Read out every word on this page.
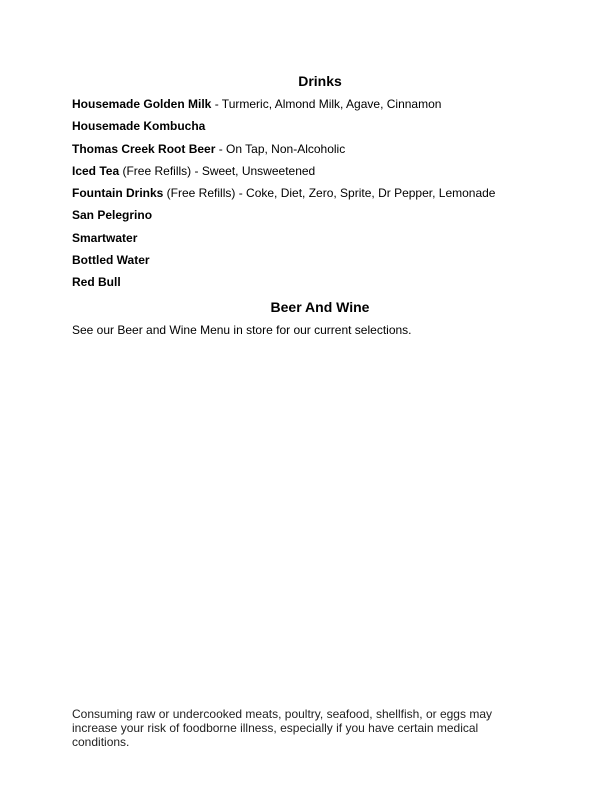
Drinks
Housemade Golden Milk - Turmeric, Almond Milk, Agave, Cinnamon
Housemade Kombucha
Thomas Creek Root Beer - On Tap, Non-Alcoholic
Iced Tea (Free Refills) - Sweet, Unsweetened
Fountain Drinks (Free Refills) - Coke, Diet, Zero, Sprite, Dr Pepper, Lemonade
San Pelegrino
Smartwater
Bottled Water
Red Bull
Beer And Wine

See our Beer and Wine Menu in store for our current selections.

Consuming raw or undercooked meats, poultry, seafood, shellfish, or eggs may increase your risk of foodborne illness, especially if you have certain medical conditions.
